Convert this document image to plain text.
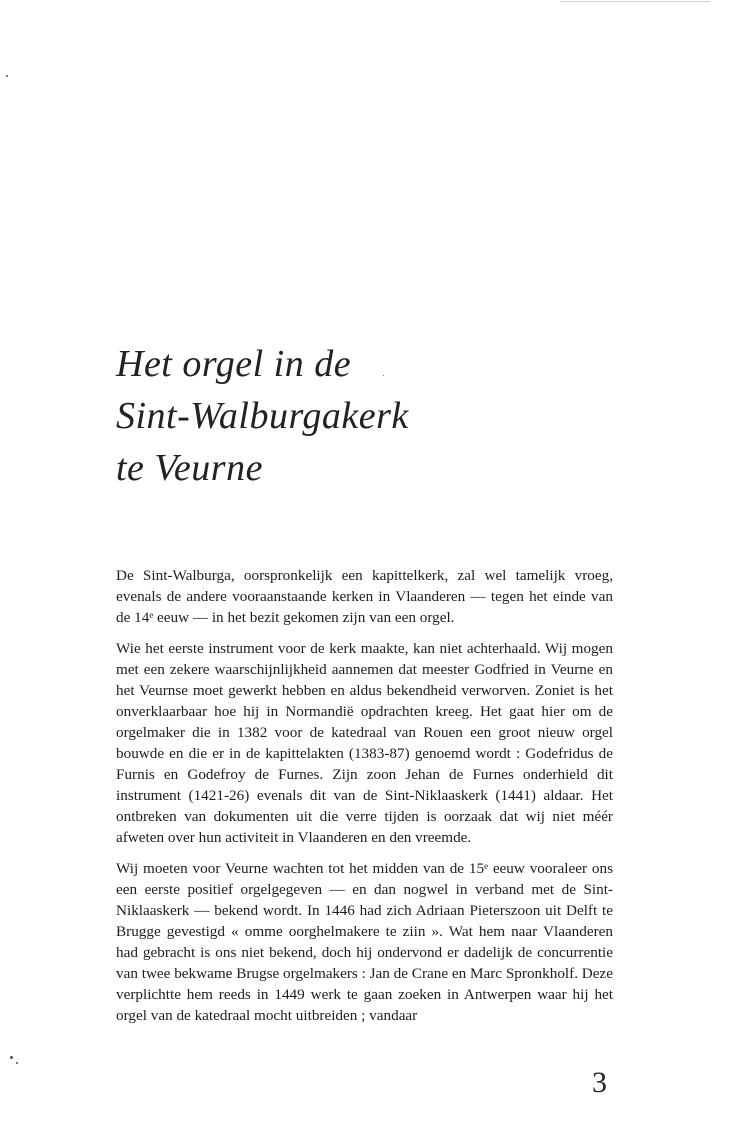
Het orgel in de
Sint-Walburgakerk
te Veurne

De Sint-Walburga, oorspronkelijk een kapittelkerk, zal wel tamelijk vroeg, evenals de andere vooraanstaande kerken in Vlaanderen — tegen het einde van de 14ᵉ eeuw — in het bezit gekomen zijn van een orgel.

Wie het eerste instrument voor de kerk maakte, kan niet achterhaald. Wij mogen met een zekere waarschijnlijkheid aannemen dat meester Godfried in Veurne en het Veurnse moet gewerkt hebben en aldus bekendheid verworven. Zoniet is het onverklaarbaar hoe hij in Normandië opdrachten kreeg. Het gaat hier om de orgelmaker die in 1382 voor de katedraal van Rouen een groot nieuw orgel bouwde en die er in de kapittelakten (1383-87) genoemd wordt : Godefridus de Furnis en Godefroy de Furnes. Zijn zoon Jehan de Furnes onderhield dit instrument (1421-26) evenals dit van de Sint-Niklaaskerk (1441) aldaar. Het ontbreken van dokumenten uit die verre tijden is oorzaak dat wij niet méér afweten over hun activiteit in Vlaanderen en den vreemde.

Wij moeten voor Veurne wachten tot het midden van de 15ᵉ eeuw vooraleer ons een eerste positief orgelgegeven — en dan nogwel in verband met de Sint-Niklaaskerk — bekend wordt. In 1446 had zich Adriaan Pieterszoon uit Delft te Brugge gevestigd « omme oorghelmakere te ziin ». Wat hem naar Vlaanderen had gebracht is ons niet bekend, doch hij ondervond er dadelijk de concurrentie van twee bekwame Brugse orgelmakers : Jan de Crane en Marc Spronkholf. Deze verplichtte hem reeds in 1449 werk te gaan zoeken in Antwerpen waar hij het orgel van de katedraal mocht uitbreiden ; vandaar

3
